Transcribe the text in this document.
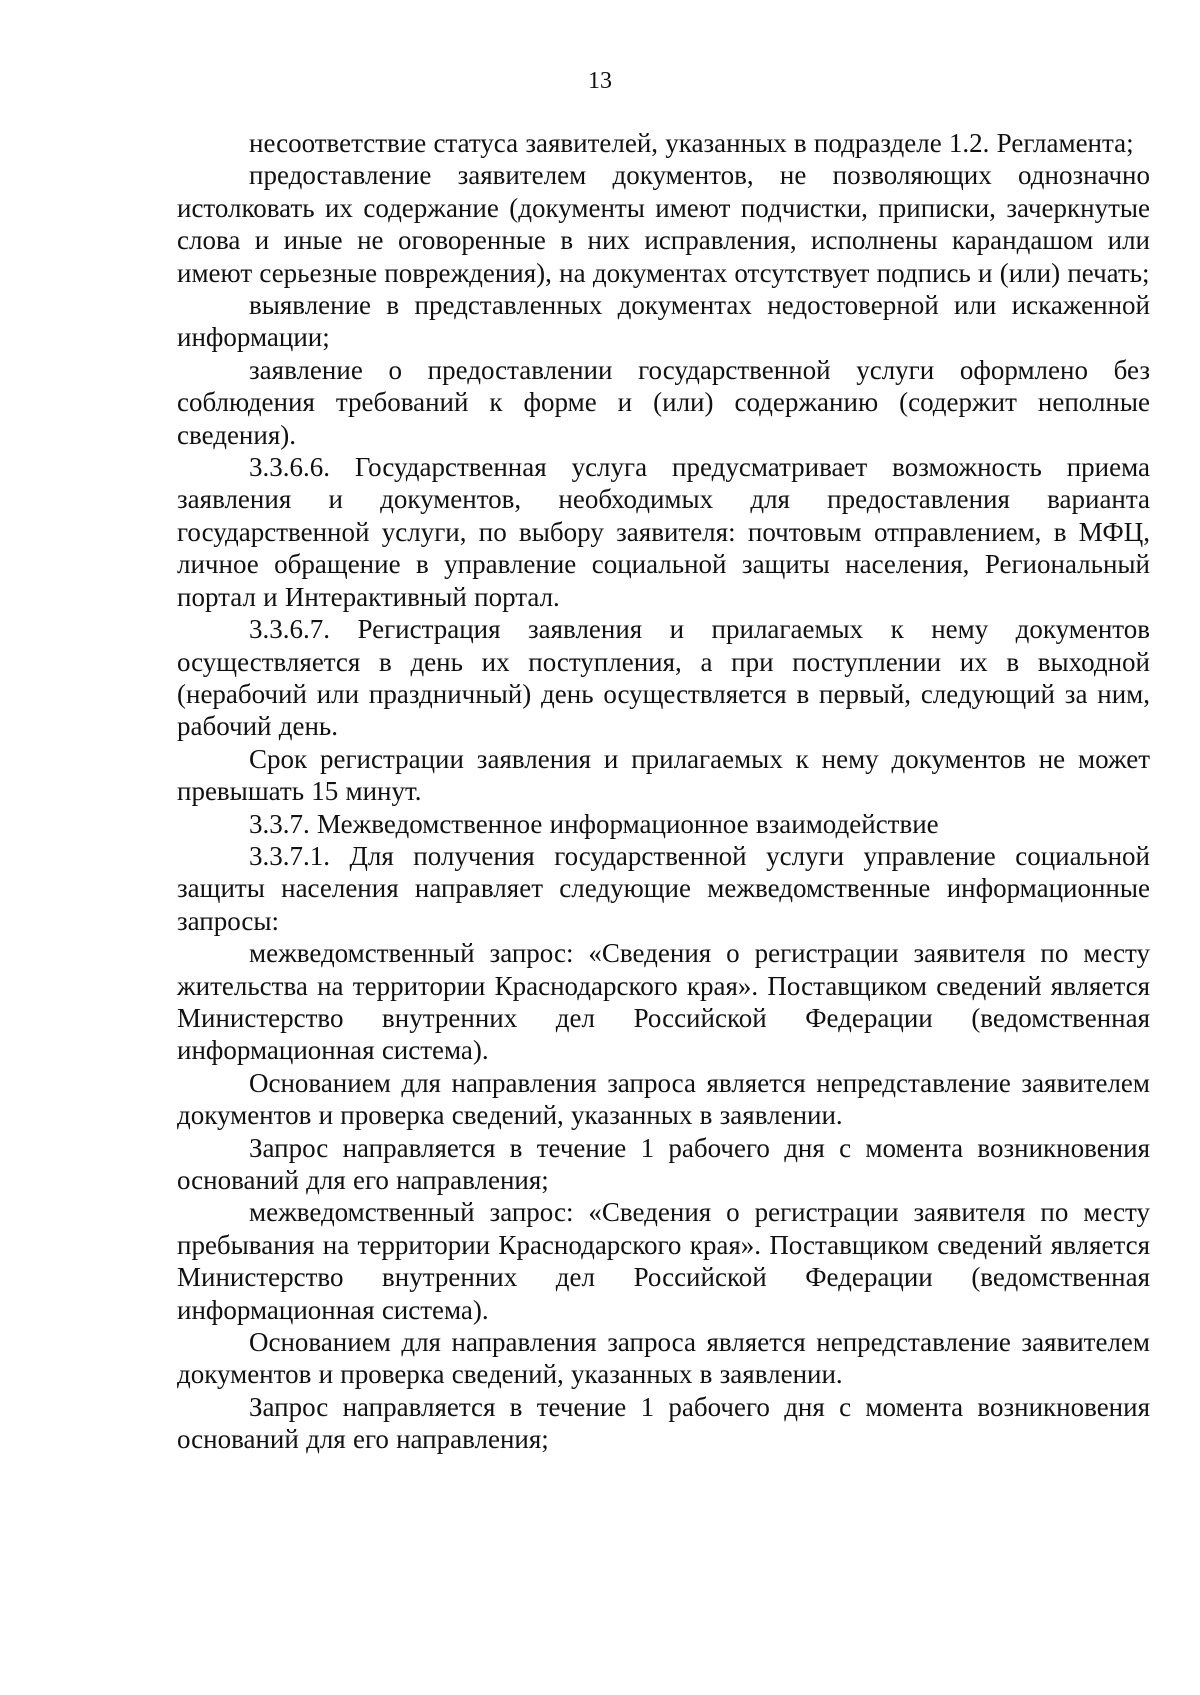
13

несоответствие статуса заявителей, указанных в подразделе 1.2. Регламента;

предоставление заявителем документов, не позволяющих однозначно истолковать их содержание (документы имеют подчистки, приписки, зачеркнутые слова и иные не оговоренные в них исправления, исполнены карандашом или имеют серьезные повреждения), на документах отсутствует подпись и (или) печать;

выявление в представленных документах недостоверной или искаженной информации;

заявление о предоставлении государственной услуги оформлено без соблюдения требований к форме и (или) содержанию (содержит неполные сведения).

3.3.6.6. Государственная услуга предусматривает возможность приема заявления и документов, необходимых для предоставления варианта государственной услуги, по выбору заявителя: почтовым отправлением, в МФЦ, личное обращение в управление социальной защиты населения, Региональный портал и Интерактивный портал.

3.3.6.7. Регистрация заявления и прилагаемых к нему документов осуществляется в день их поступления, а при поступлении их в выходной (нерабочий или праздничный) день осуществляется в первый, следующий за ним, рабочий день.

Срок регистрации заявления и прилагаемых к нему документов не может превышать 15 минут.

3.3.7. Межведомственное информационное взаимодействие

3.3.7.1. Для получения государственной услуги управление социальной защиты населения направляет следующие межведомственные информационные запросы:

межведомственный запрос: «Сведения о регистрации заявителя по месту жительства на территории Краснодарского края». Поставщиком сведений является Министерство внутренних дел Российской Федерации (ведомственная информационная система).

Основанием для направления запроса является непредставление заявителем документов и проверка сведений, указанных в заявлении.

Запрос направляется в течение 1 рабочего дня с момента возникновения оснований для его направления;

межведомственный запрос: «Сведения о регистрации заявителя по месту пребывания на территории Краснодарского края». Поставщиком сведений является Министерство внутренних дел Российской Федерации (ведомственная информационная система).

Основанием для направления запроса является непредставление заявителем документов и проверка сведений, указанных в заявлении.

Запрос направляется в течение 1 рабочего дня с момента возникновения оснований для его направления;
